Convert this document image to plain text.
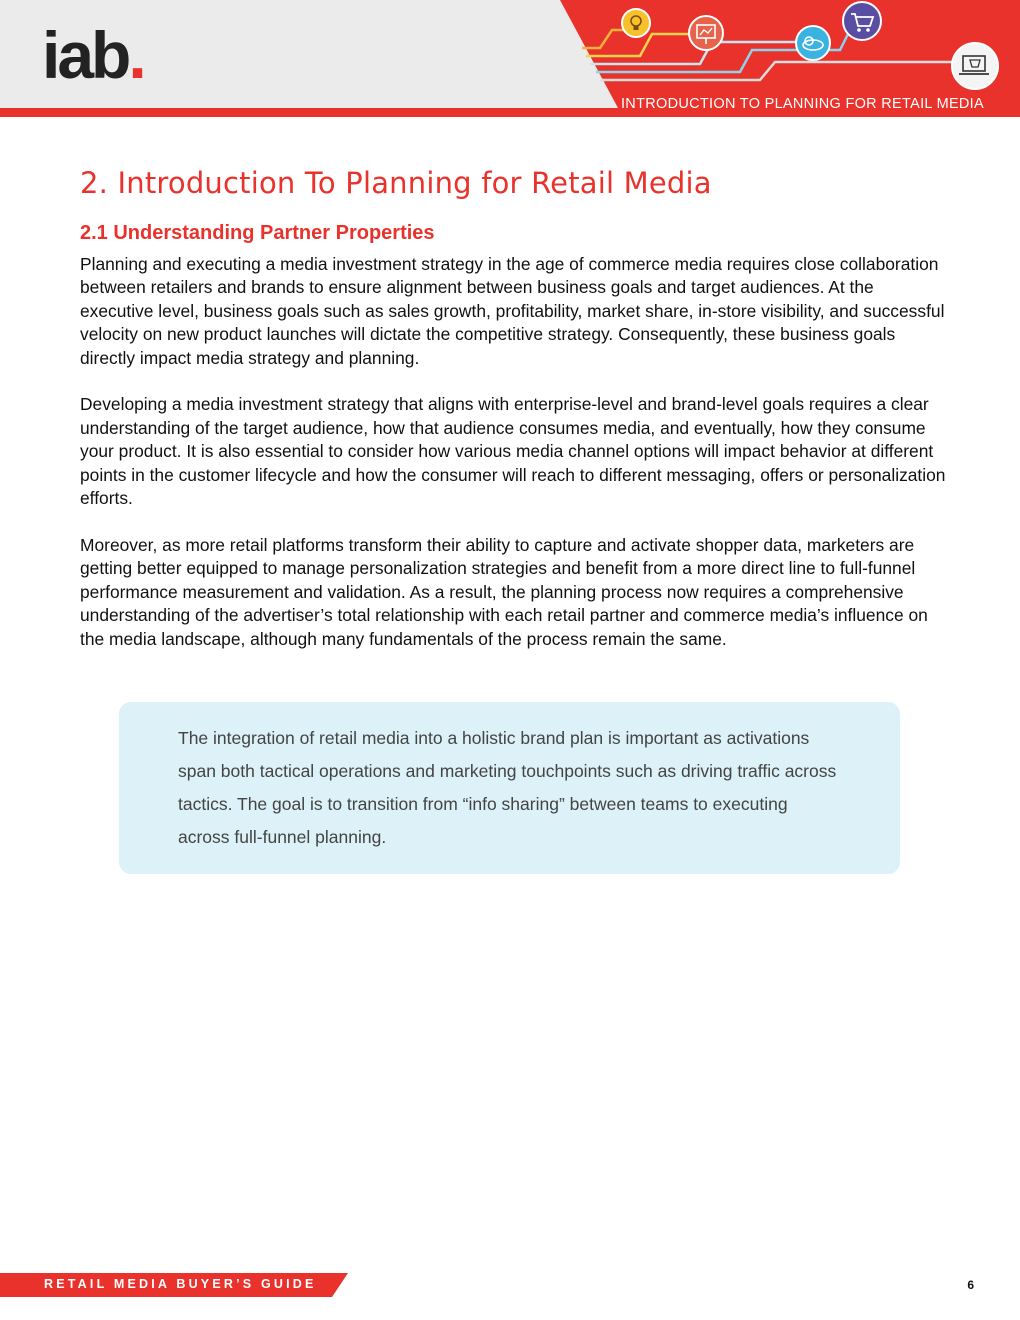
iab.
INTRODUCTION TO PLANNING FOR RETAIL MEDIA
2. Introduction To Planning for Retail Media
2.1 Understanding Partner Properties

Planning and executing a media investment strategy in the age of commerce media requires close collaboration between retailers and brands to ensure alignment between business goals and target audiences. At the executive level, business goals such as sales growth, profitability, market share, in-store visibility, and successful velocity on new product launches will dictate the competitive strategy. Consequently, these business goals directly impact media strategy and planning.

Developing a media investment strategy that aligns with enterprise-level and brand-level goals requires a clear understanding of the target audience, how that audience consumes media, and eventually, how they consume your product. It is also essential to consider how various media channel options will impact behavior at different points in the customer lifecycle and how the consumer will reach to different messaging, offers or personalization efforts.

Moreover, as more retail platforms transform their ability to capture and activate shopper data, marketers are getting better equipped to manage personalization strategies and benefit from a more direct line to full-funnel performance measurement and validation. As a result, the planning process now requires a comprehensive understanding of the advertiser’s total relationship with each retail partner and commerce media’s influence on the media landscape, although many fundamentals of the process remain the same.

The integration of retail media into a holistic brand plan is important as activations span both tactical operations and marketing touchpoints such as driving traffic across tactics. The goal is to transition from “info sharing” between teams to executing across full-funnel planning.

RETAIL MEDIA BUYER’S GUIDE	6
